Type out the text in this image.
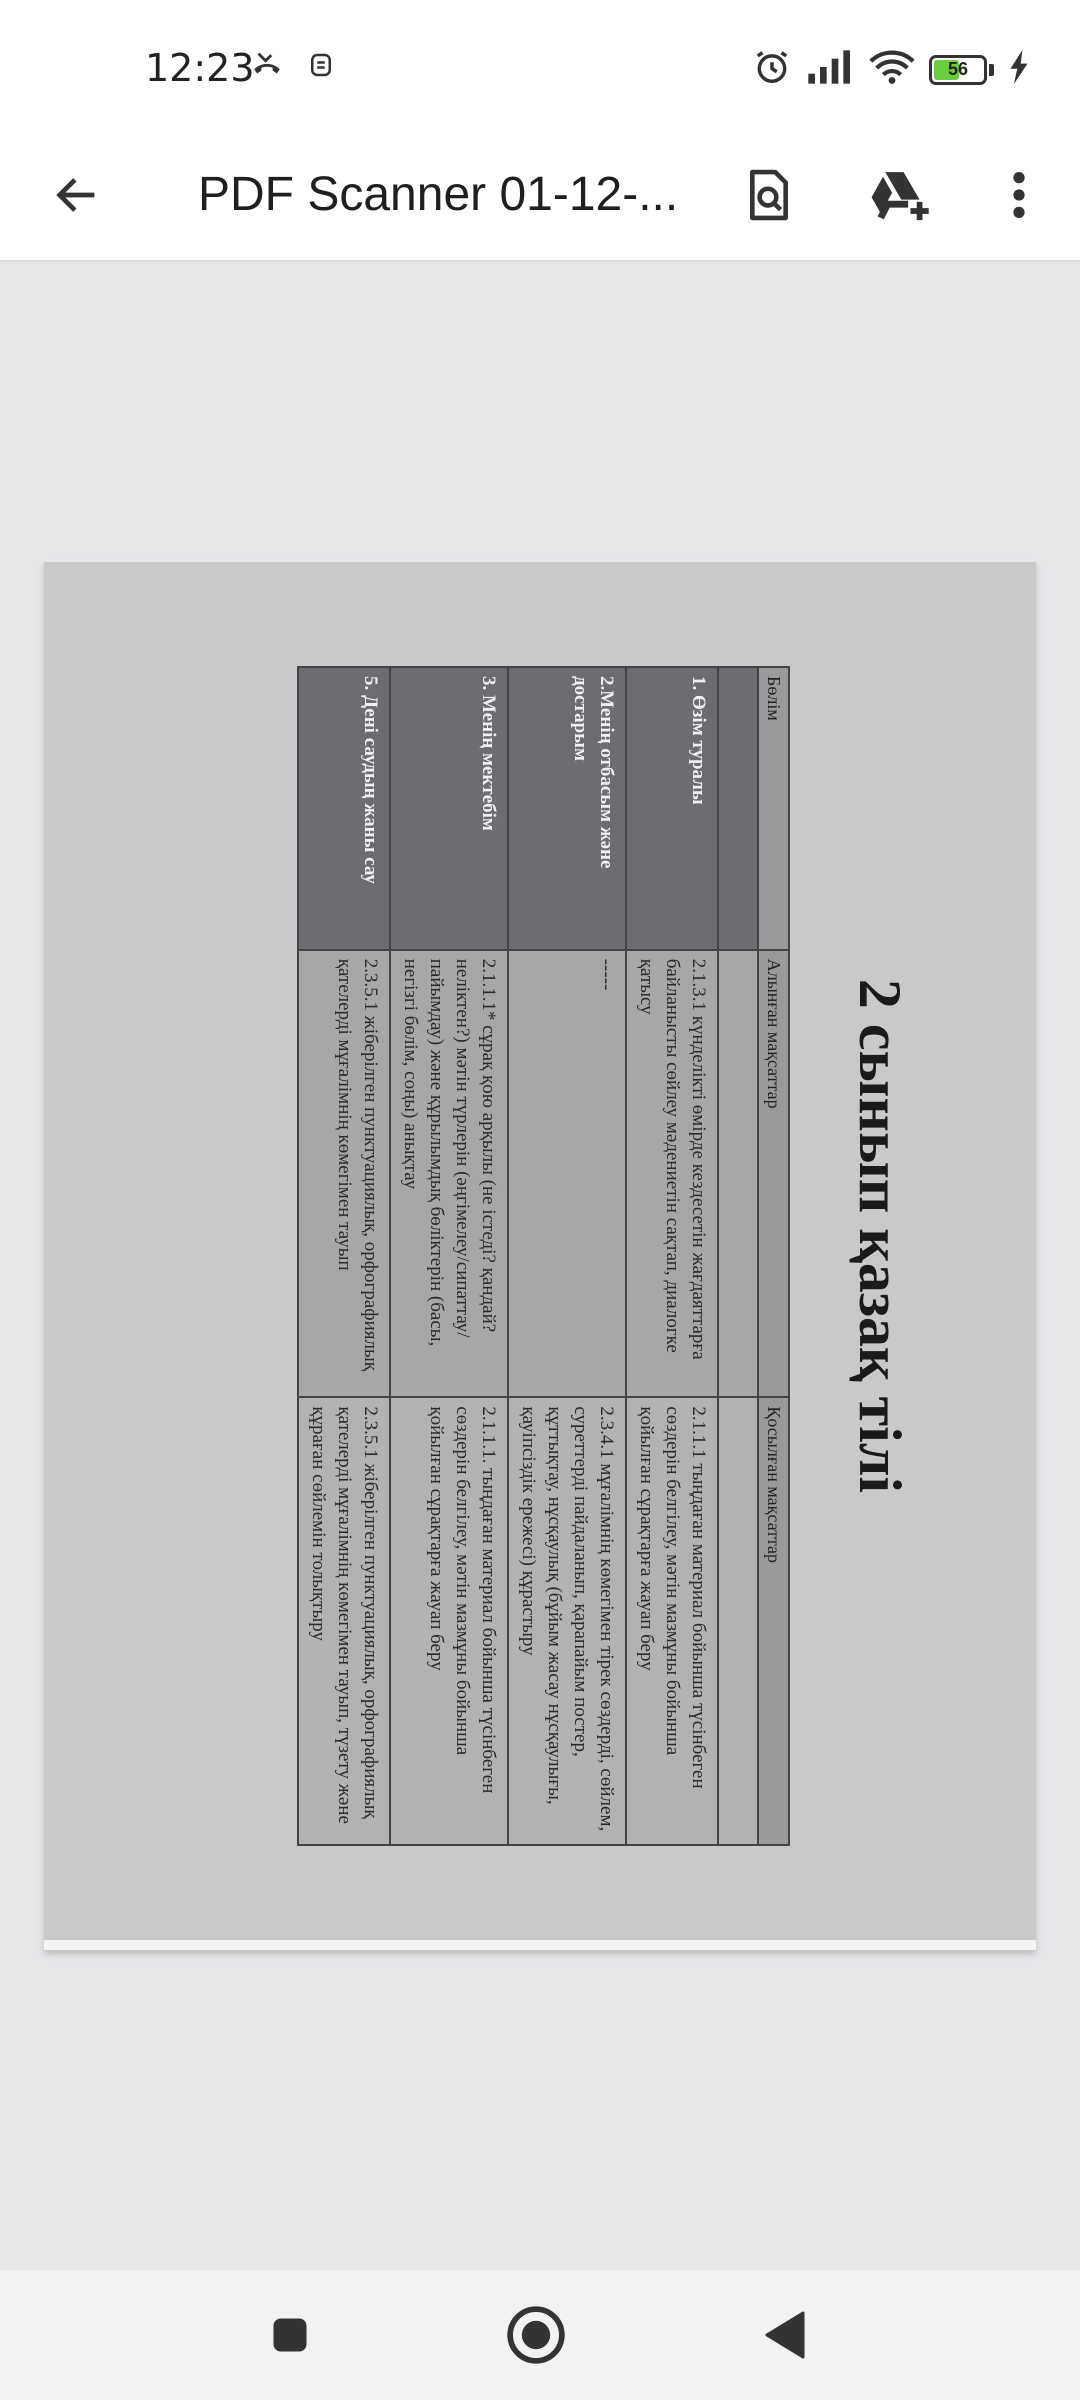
12:23	56
PDF Scanner 01-12-...
2 сынып қазақ тілі
Бөлім	Алынған мақсаттар	Қосылған мақсаттар

1. Өзім туралы	2.1.3.1 күнделікті өмірде кездесетін жағдаяттарға байланысты сөйлеу мәдениетін сақтап, диалогке қатысу	2.1.1.1 тыңдаған материал бойынша түсінбеген сөздерін белгілеу, мәтін мазмұны бойынша қойылған сұрақтарға жауап беру
2.Менің отбасым және достарым	-----	2.3.4.1 мұғалімнің көмегімен тірек сөздерді, сөйлем, суреттерді пайдаланып, қарапайым постер, құттықтау, нұсқаулық (бұйым жасау нұсқаулығы, қауіпсіздік ережесі) құрастыру
3. Менің мектебім	2.1.1.1* сұрақ қою арқылы (не істеді? қандай? неліктен?) мәтін түрлерін (әңгімелеу/сипаттау/пайымдау) және құрылымдық бөліктерін (басы, негізгі бөлім, соңы) анықтау	2.1.1.1. тыңдаған материал бойынша түсінбеген сөздерін белгілеу, мәтін мазмұны бойынша қойылған сұрақтарға жауап беру
5. Дені саудың жаны сау	2.3.5.1 жіберілген пунктуациялық, орфографиялық қателерді мұғалімнің көмегімен тауып	2.3.5.1 жіберілген пунктуациялық, орфографиялық қателерді мұғалімнің көмегімен тауып, түзету және құраған сөйлемін толықтыру
